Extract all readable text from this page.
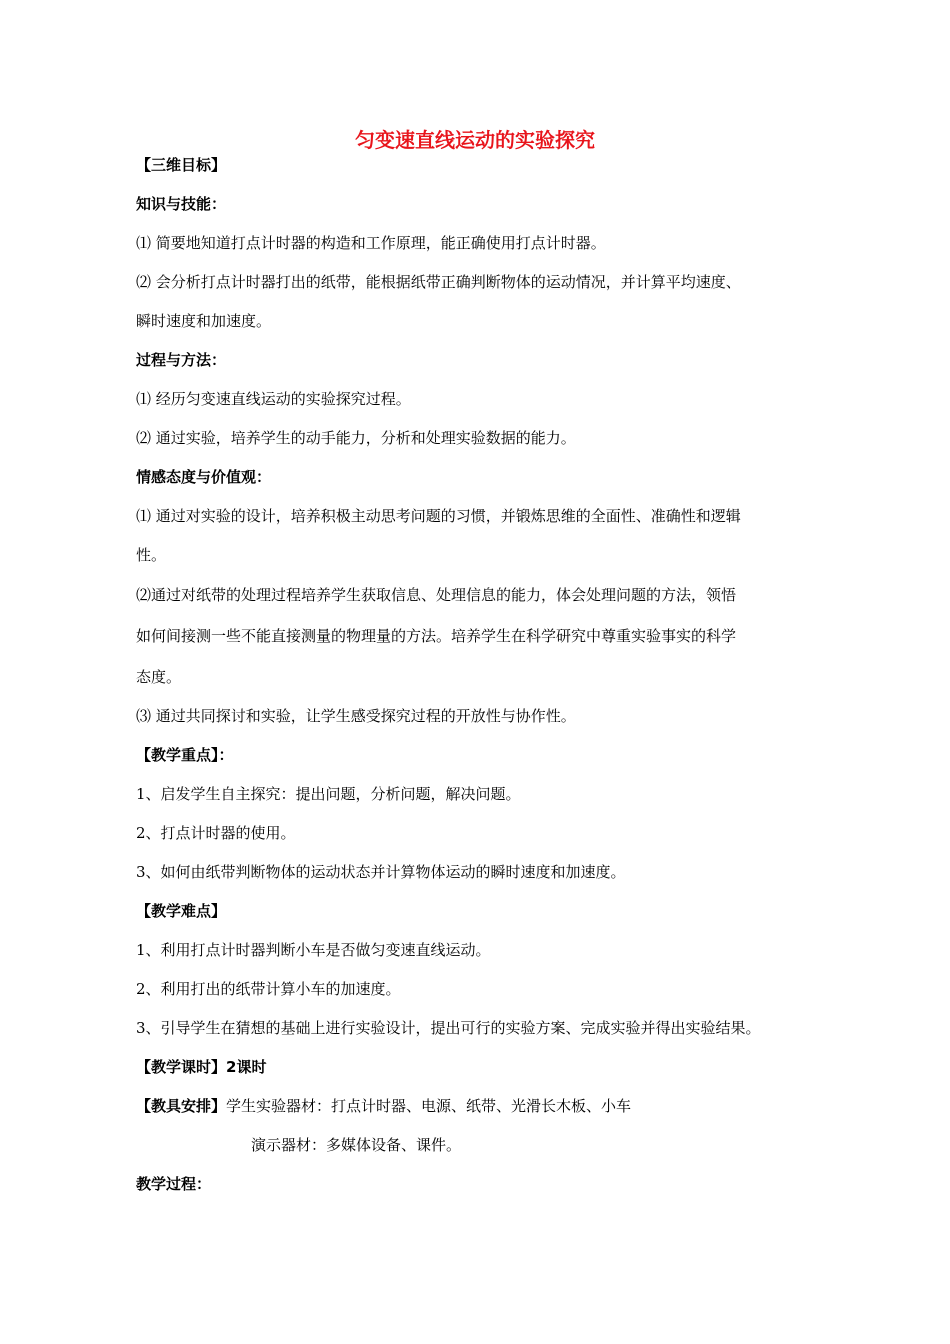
匀变速直线运动的实验探究
【三维目标】
知识与技能：
⑴ 简要地知道打点计时器的构造和工作原理，能正确使用打点计时器。
⑵ 会分析打点计时器打出的纸带，能根据纸带正确判断物体的运动情况，并计算平均速度、
瞬时速度和加速度。
过程与方法：
⑴ 经历匀变速直线运动的实验探究过程。
⑵ 通过实验，培养学生的动手能力，分析和处理实验数据的能力。
情感态度与价值观：
⑴ 通过对实验的设计，培养积极主动思考问题的习惯，并锻炼思维的全面性、准确性和逻辑
性。
⑵通过对纸带的处理过程培养学生获取信息、处理信息的能力，体会处理问题的方法，领悟
如何间接测一些不能直接测量的物理量的方法。培养学生在科学研究中尊重实验事实的科学
态度。
⑶ 通过共同探讨和实验，让学生感受探究过程的开放性与协作性。
【教学重点】：
1、启发学生自主探究：提出问题，分析问题，解决问题。
2、打点计时器的使用。
3、如何由纸带判断物体的运动状态并计算物体运动的瞬时速度和加速度。
【教学难点】
1、利用打点计时器判断小车是否做匀变速直线运动。
2、利用打出的纸带计算小车的加速度。
3、引导学生在猜想的基础上进行实验设计，提出可行的实验方案、完成实验并得出实验结果。
【教学课时】2课时
【教具安排】学生实验器材：打点计时器、电源、纸带、光滑长木板、小车
演示器材：多媒体设备、课件。
教学过程：
